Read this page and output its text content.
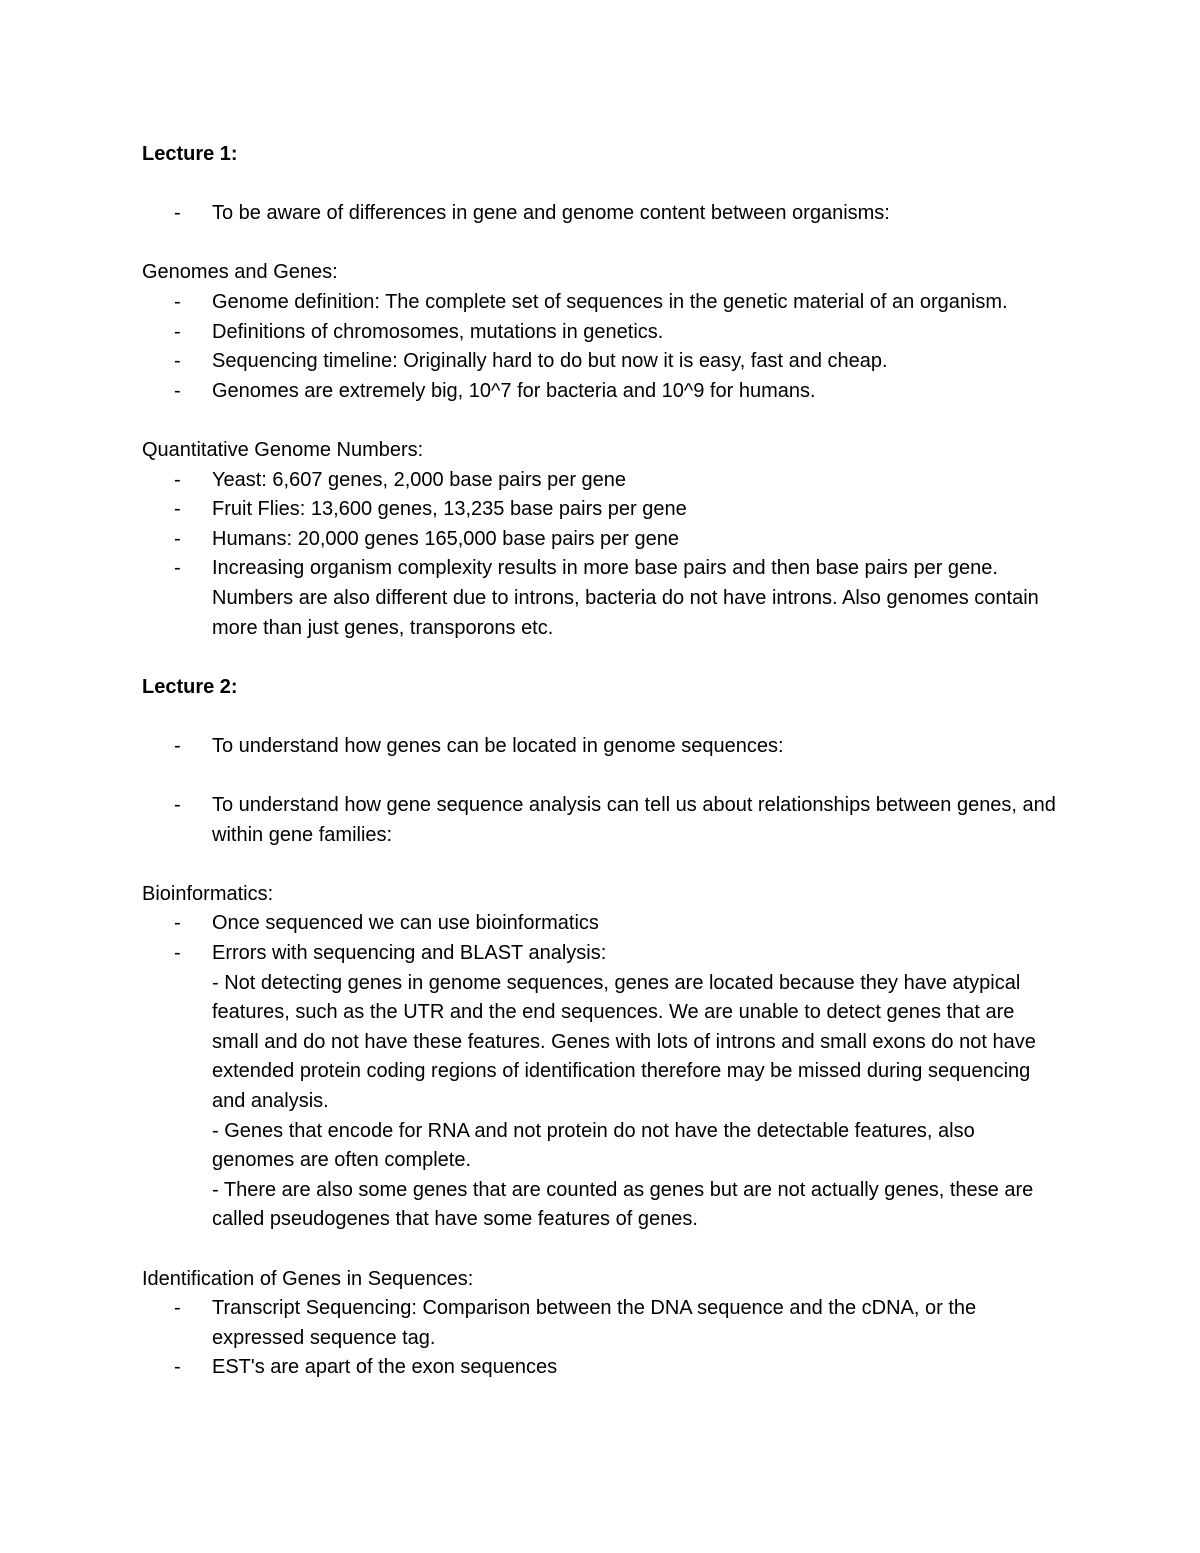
Lecture 1:

- To be aware of differences in gene and genome content between organisms:

Genomes and Genes:

- Genome definition: The complete set of sequences in the genetic material of an organism.
- Definitions of chromosomes, mutations in genetics.
- Sequencing timeline: Originally hard to do but now it is easy, fast and cheap.
- Genomes are extremely big, 10^7 for bacteria and 10^9 for humans.

Quantitative Genome Numbers:

- Yeast: 6,607 genes, 2,000 base pairs per gene
- Fruit Flies: 13,600 genes, 13,235 base pairs per gene
- Humans: 20,000 genes 165,000 base pairs per gene
- Increasing organism complexity results in more base pairs and then base pairs per gene. Numbers are also different due to introns, bacteria do not have introns. Also genomes contain more than just genes, transporons etc.

Lecture 2:

- To understand how genes can be located in genome sequences:
- To understand how gene sequence analysis can tell us about relationships between genes, and within gene families:

Bioinformatics:

- Once sequenced we can use bioinformatics
- Errors with sequencing and BLAST analysis:
- Not detecting genes in genome sequences, genes are located because they have atypical features, such as the UTR and the end sequences. We are unable to detect genes that are small and do not have these features. Genes with lots of introns and small exons do not have extended protein coding regions of identification therefore may be missed during sequencing and analysis.
- Genes that encode for RNA and not protein do not have the detectable features, also genomes are often complete.
- There are also some genes that are counted as genes but are not actually genes, these are called pseudogenes that have some features of genes.

Identification of Genes in Sequences:

- Transcript Sequencing: Comparison between the DNA sequence and the cDNA, or the expressed sequence tag.
- EST's are apart of the exon sequences
